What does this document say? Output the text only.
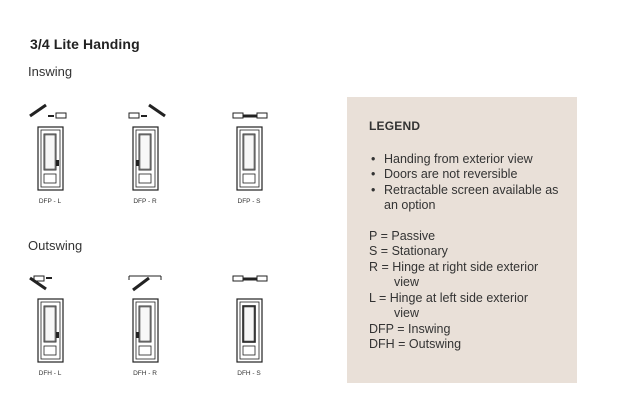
3/4 Lite Handing
Inswing
DFP - L	DFP - R	DFP - S
Outswing
DFH - L	DFH - R	DFH - S
LEGEND
• Handing from exterior view
• Doors are not reversible
• Retractable screen available as an option
P = Passive
S = Stationary
R = Hinge at right side exterior
view
L = Hinge at left side exterior
view
DFP = Inswing
DFH = Outswing
